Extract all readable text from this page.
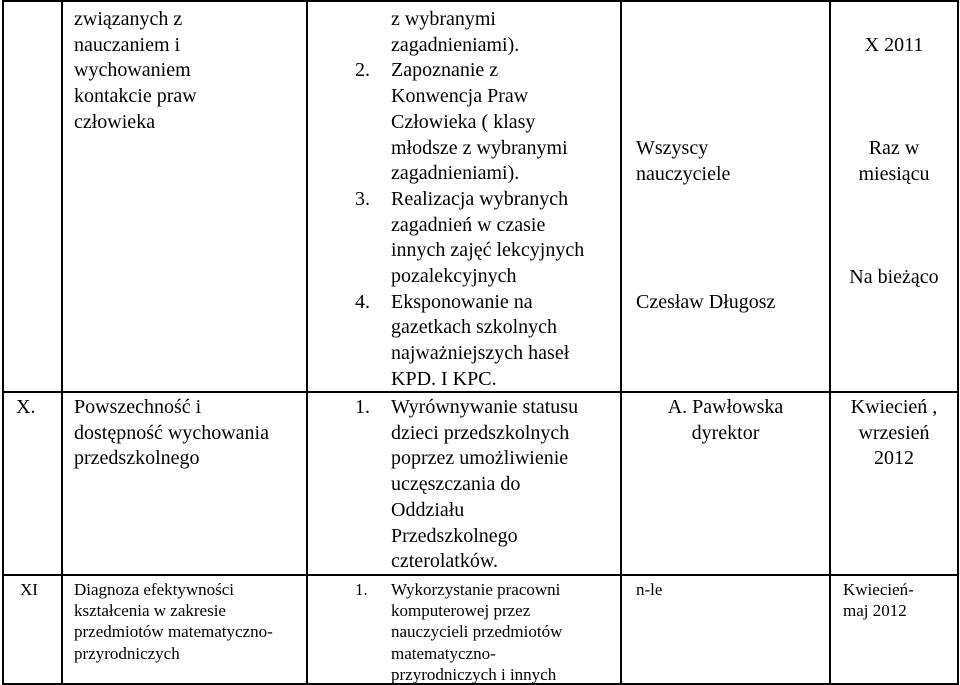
związanych z
nauczaniem i
wychowaniem
kontakcie praw
człowieka
z wybranymi
zagadnieniami).
2. Zapoznanie z
Konwencja Praw
Człowieka ( klasy
młodsze z wybranymi
zagadnieniami).
3. Realizacja wybranych
zagadnień w czasie
innych zajęć lekcyjnych
pozalekcyjnych
4. Eksponowanie na
gazetkach szkolnych
najważniejszych haseł
KPD. I KPC.
Wszyscy
nauczyciele
Czesław Długosz
X 2011
Raz w
miesiącu
Na bieżąco
X. Powszechność i
dostępność wychowania
przedszkolnego
1. Wyrównywanie statusu
dzieci przedszkolnych
poprzez umożliwienie
uczęszczania do
Oddziału
Przedszkolnego
czterolatków.
A. Pawłowska
dyrektor
Kwiecień ,
wrzesień
2012
XI Diagnoza efektywności
kształcenia w zakresie
przedmiotów matematyczno-
przyrodniczych
1. Wykorzystanie pracowni
komputerowej przez
nauczycieli przedmiotów
matematyczno-
przyrodniczych i innych
n-le	Kwiecień-
maj 2012
